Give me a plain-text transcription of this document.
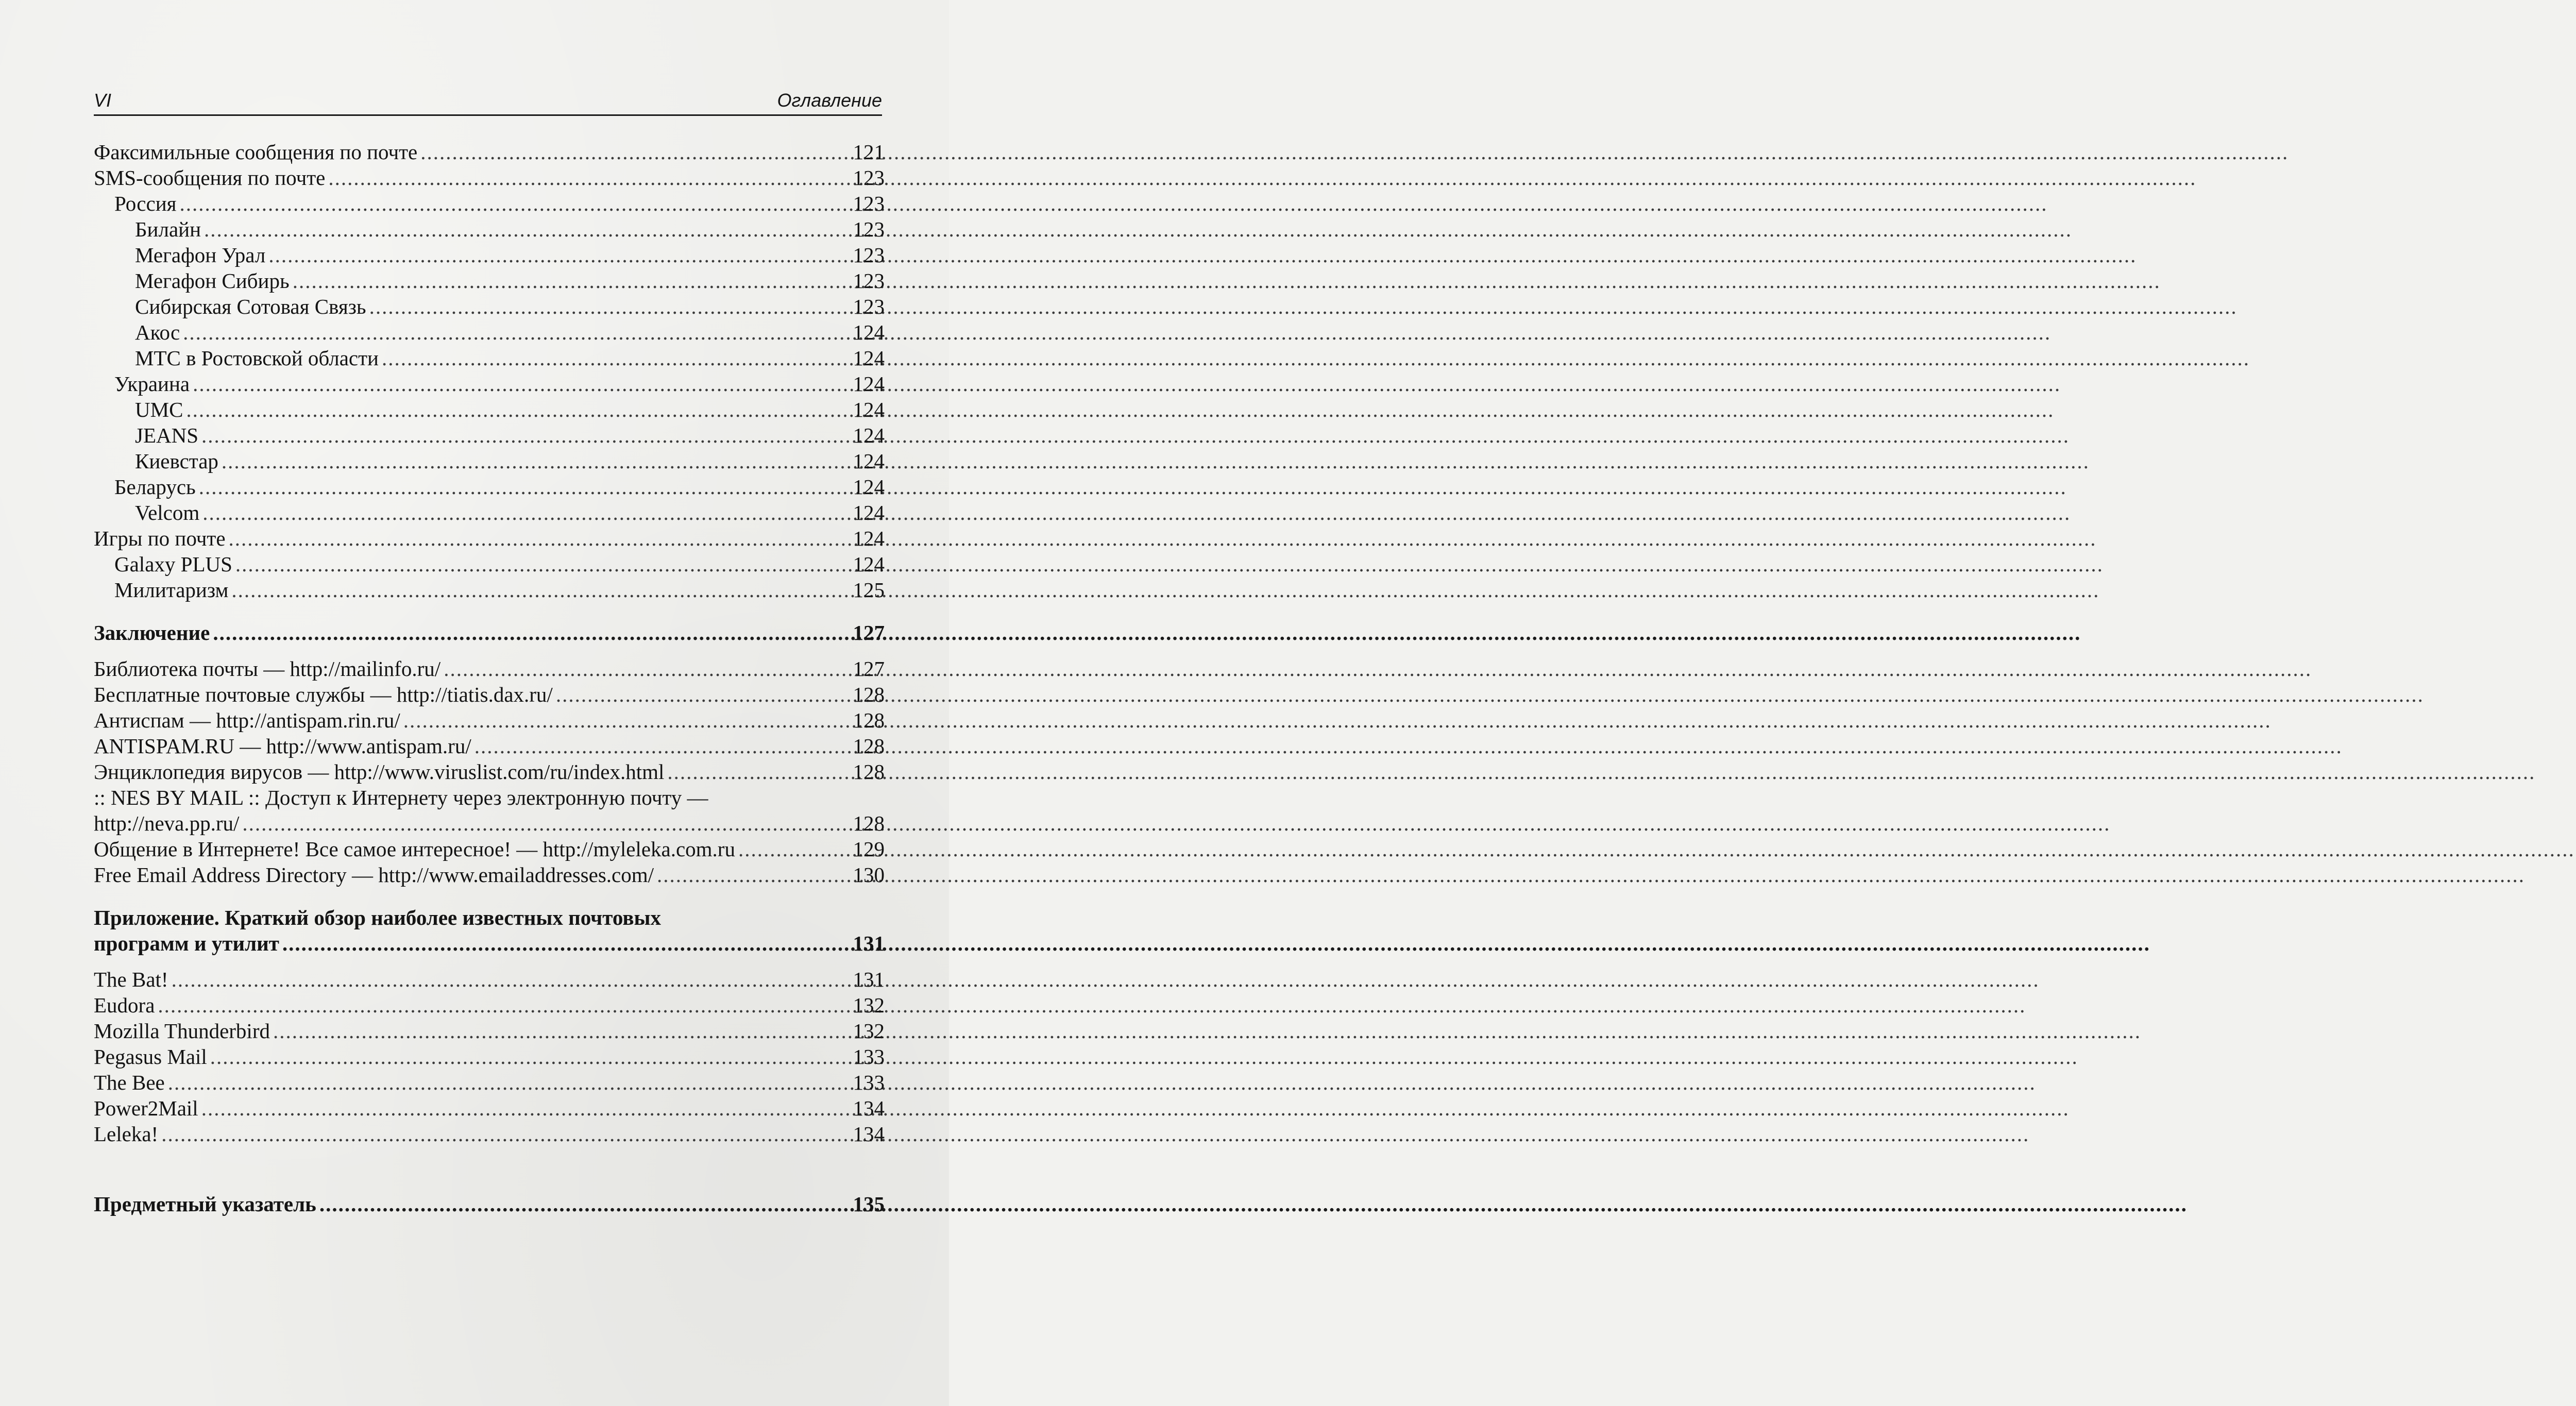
VI	Оглавление
Факсимильные сообщения по почте .....	121
SMS-сообщения по почте .....	123
Россия .....	123
Билайн .....	123
Мегафон Урал .....	123
Мегафон Сибирь .....	123
Сибирская Сотовая Связь .....	123
Акос .....	124
МТС в Ростовской области .....	124
Украина .....	124
UMC .....	124
JEANS .....	124
Киевстар .....	124
Беларусь .....	124
Velcom .....	124
Игры по почте .....	124
Galaxy PLUS .....	124
Милитаризм .....	125
Заключение .....	127
Библиотека почты — http://mailinfo.ru/ .....	127
Бесплатные почтовые службы — http://tiatis.dax.ru/ .....	128
Антиспам — http://antispam.rin.ru/ .....	128
ANTISPAM.RU — http://www.antispam.ru/ .....	128
Энциклопедия вирусов — http://www.viruslist.com/ru/index.html .....	128
:: NES BY MAIL :: Доступ к Интернету через электронную почту —
http://neva.pp.ru/ .....	128
Общение в Интернете! Все самое интересное! — http://myleleka.com.ru .....	129
Free Email Address Directory — http://www.emailaddresses.com/ .....	130
Приложение. Краткий обзор наиболее известных почтовых
программ и утилит .....	131
The Bat! .....	131
Eudora .....	132
Mozilla Thunderbird .....	132
Pegasus Mail .....	133
The Bee .....	133
Power2Mail .....	134
Leleka! .....	134
Предметный указатель .....	135
